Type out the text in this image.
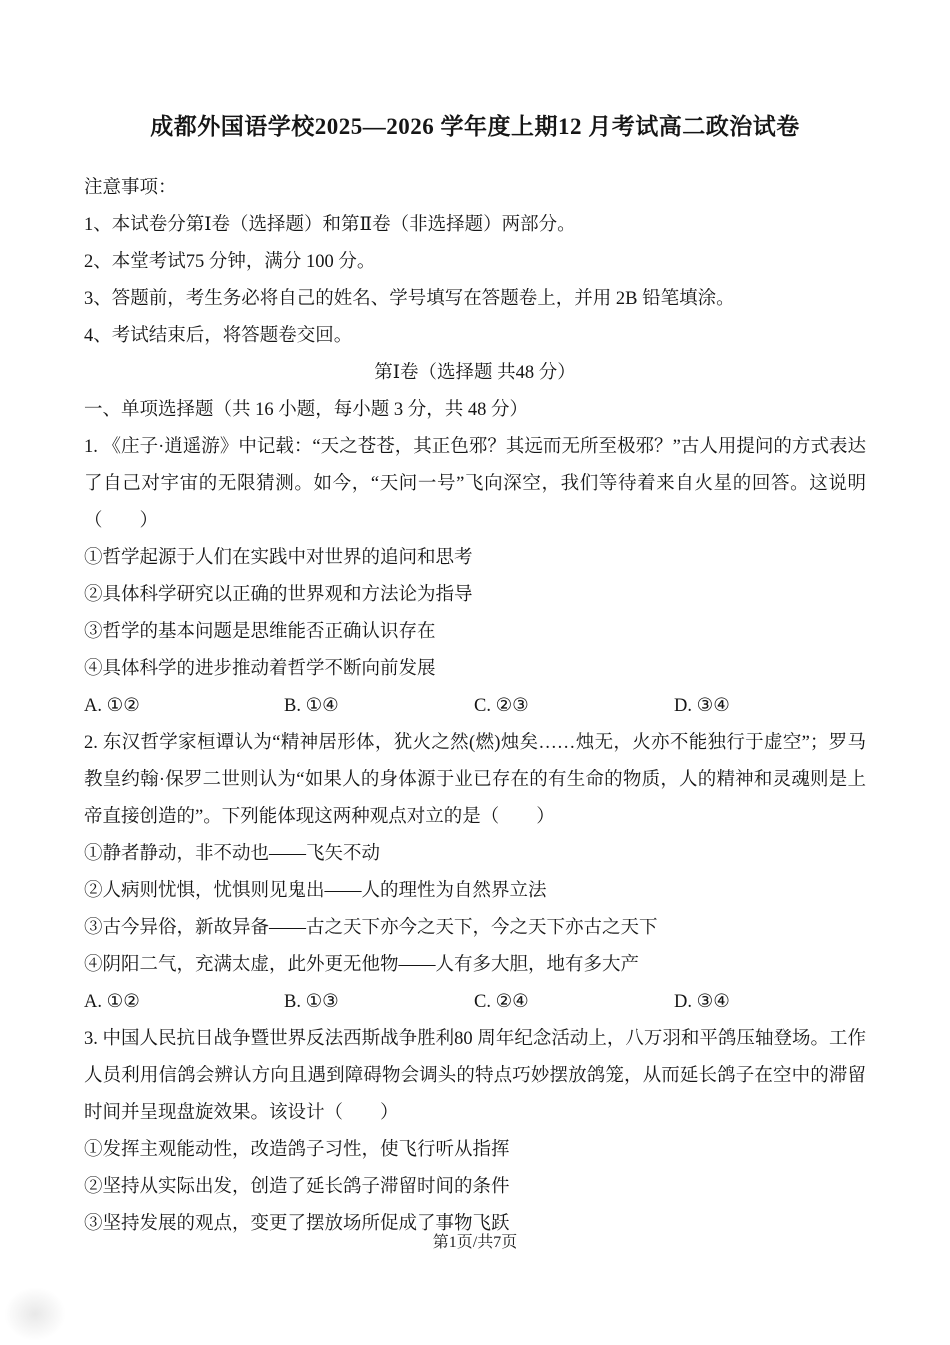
成都外国语学校2025—2026 学年度上期12 月考试高二政治试卷

注意事项：

1、本试卷分第Ⅰ卷（选择题）和第Ⅱ卷（非选择题）两部分。

2、本堂考试75 分钟，满分 100 分。

3、答题前，考生务必将自己的姓名、学号填写在答题卷上，并用 2B 铅笔填涂。

4、考试结束后，将答题卷交回。

第Ⅰ卷（选择题 共48 分）

一、单项选择题（共 16 小题，每小题 3 分，共 48 分）

1. 《庄子·逍遥游》中记载：“天之苍苍，其正色邪？其远而无所至极邪？”古人用提问的方式表达了自己对宇宙的无限猜测。如今，“天问一号”飞向深空，我们等待着来自火星的回答。这说明（　　）

①哲学起源于人们在实践中对世界的追问和思考

②具体科学研究以正确的世界观和方法论为指导

③哲学的基本问题是思维能否正确认识存在

④具体科学的进步推动着哲学不断向前发展

A. ①②	B. ①④	C. ②③	D. ③④

2. 东汉哲学家桓谭认为“精神居形体，犹火之然(燃)烛矣……烛无，火亦不能独行于虚空”；罗马教皇约翰·保罗二世则认为“如果人的身体源于业已存在的有生命的物质，人的精神和灵魂则是上帝直接创造的”。下列能体现这两种观点对立的是（　　）

①静者静动，非不动也——飞矢不动

②人病则忧惧，忧惧则见鬼出——人的理性为自然界立法

③古今异俗，新故异备——古之天下亦今之天下，今之天下亦古之天下

④阴阳二气，充满太虚，此外更无他物——人有多大胆，地有多大产

A. ①②	B. ①③	C. ②④	D. ③④

3. 中国人民抗日战争暨世界反法西斯战争胜利80 周年纪念活动上，八万羽和平鸽压轴登场。工作人员利用信鸽会辨认方向且遇到障碍物会调头的特点巧妙摆放鸽笼，从而延长鸽子在空中的滞留时间并呈现盘旋效果。该设计（　　）

①发挥主观能动性，改造鸽子习性，使飞行听从指挥

②坚持从实际出发，创造了延长鸽子滞留时间的条件

③坚持发展的观点，变更了摆放场所促成了事物飞跃

第1页/共7页
